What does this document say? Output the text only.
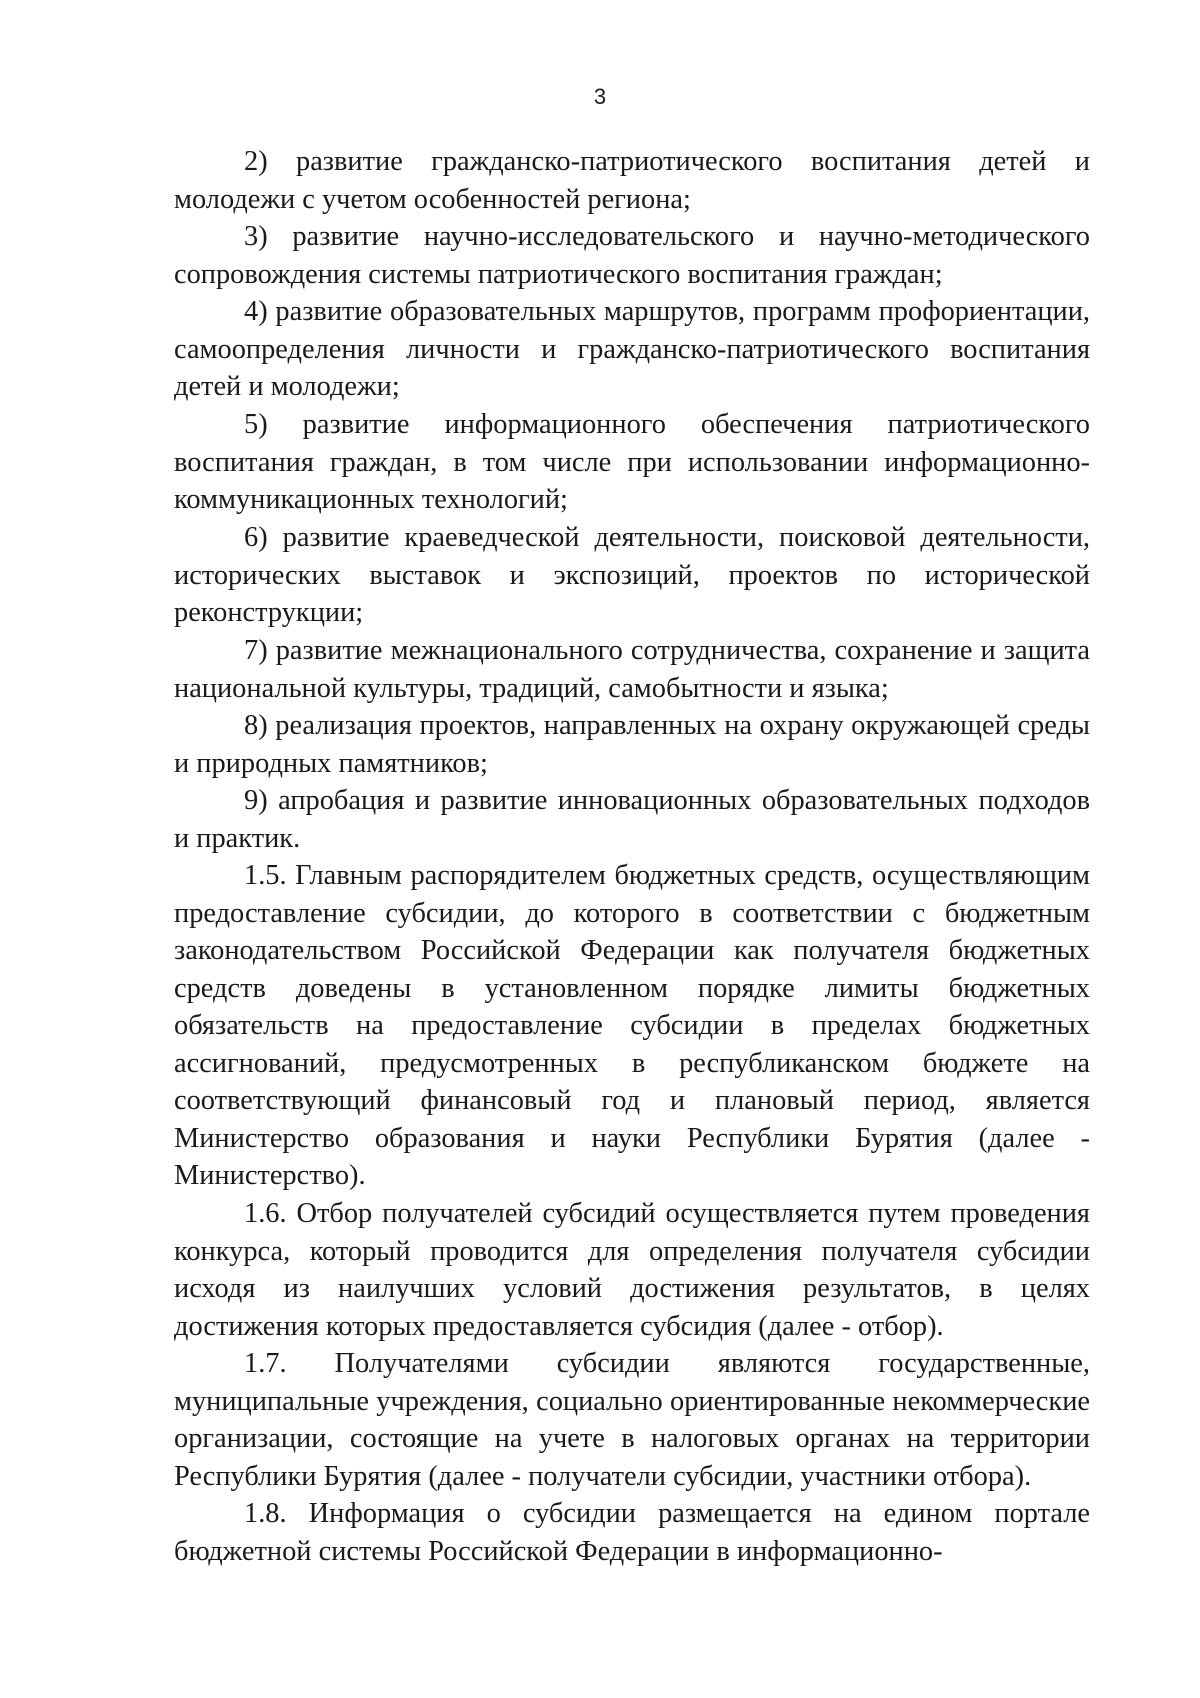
3

2) развитие гражданско-патриотического воспитания детей и молодежи с учетом особенностей региона;

3) развитие научно-исследовательского и научно-методического сопровождения системы патриотического воспитания граждан;

4) развитие образовательных маршрутов, программ профориентации, самоопределения личности и гражданско-патриотического воспитания детей и молодежи;

5) развитие информационного обеспечения патриотического воспитания граждан, в том числе при использовании информационно-коммуникационных технологий;

6) развитие краеведческой деятельности, поисковой деятельности, исторических выставок и экспозиций, проектов по исторической реконструкции;

7) развитие межнационального сотрудничества, сохранение и защита национальной культуры, традиций, самобытности и языка;

8) реализация проектов, направленных на охрану окружающей среды и природных памятников;

9) апробация и развитие инновационных образовательных подходов и практик.

1.5. Главным распорядителем бюджетных средств, осуществляющим предоставление субсидии, до которого в соответствии с бюджетным законодательством Российской Федерации как получателя бюджетных средств доведены в установленном порядке лимиты бюджетных обязательств на предоставление субсидии в пределах бюджетных ассигнований, предусмотренных в республиканском бюджете на соответствующий финансовый год и плановый период, является Министерство образования и науки Республики Бурятия (далее - Министерство).

1.6. Отбор получателей субсидий осуществляется путем проведения конкурса, который проводится для определения получателя субсидии исходя из наилучших условий достижения результатов, в целях достижения которых предоставляется субсидия (далее - отбор).

1.7. Получателями субсидии являются государственные, муниципальные учреждения, социально ориентированные некоммерческие организации, состоящие на учете в налоговых органах на территории Республики Бурятия (далее - получатели субсидии, участники отбора).

1.8. Информация о субсидии размещается на едином портале бюджетной системы Российской Федерации в информационно-
